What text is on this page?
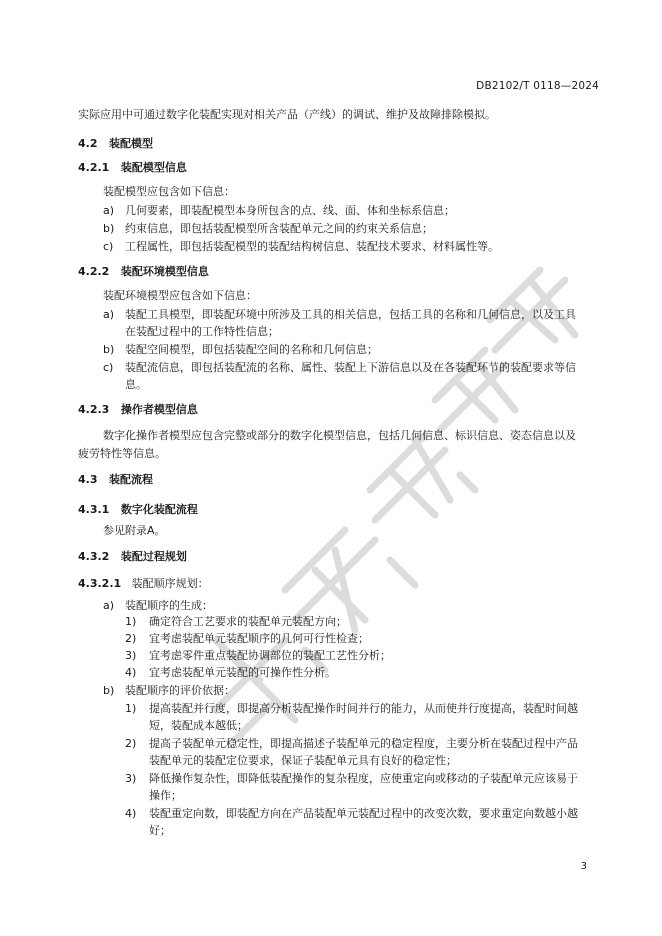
DB2102/T 0118—2024
实际应用中可通过数字化装配实现对相关产品（产线）的调试、维护及故障排除模拟。
4.2 装配模型
4.2.1 装配模型信息
装配模型应包含如下信息：
a) 几何要素，即装配模型本身所包含的点、线、面、体和坐标系信息；
b) 约束信息，即包括装配模型所含装配单元之间的约束关系信息；
c) 工程属性，即包括装配模型的装配结构树信息、装配技术要求、材料属性等。
4.2.2 装配环境模型信息
装配环境模型应包含如下信息：
a) 装配工具模型，即装配环境中所涉及工具的相关信息，包括工具的名称和几何信息，以及工具
在装配过程中的工作特性信息；
b) 装配空间模型，即包括装配空间的名称和几何信息；
c) 装配流信息，即包括装配流的名称、属性、装配上下游信息以及在各装配环节的装配要求等信
息。
4.2.3 操作者模型信息
数字化操作者模型应包含完整或部分的数字化模型信息，包括几何信息、标识信息、姿态信息以及
疲劳特性等信息。
4.3 装配流程
4.3.1 数字化装配流程
参见附录A。
4.3.2 装配过程规划
4.3.2.1 装配顺序规划：
a) 装配顺序的生成：
1) 确定符合工艺要求的装配单元装配方向；
2) 宜考虑装配单元装配顺序的几何可行性检查；
3) 宜考虑零件重点装配协调部位的装配工艺性分析；
4) 宜考虑装配单元装配的可操作性分析。
b) 装配顺序的评价依据：
1) 提高装配并行度，即提高分析装配操作时间并行的能力，从而使并行度提高，装配时间越
短，装配成本越低；
2) 提高子装配单元稳定性，即提高描述子装配单元的稳定程度，主要分析在装配过程中产品
装配单元的装配定位要求，保证子装配单元具有良好的稳定性；
3) 降低操作复杂性，即降低装配操作的复杂程度，应使重定向或移动的子装配单元应该易于
操作；
4) 装配重定向数，即装配方向在产品装配单元装配过程中的改变次数，要求重定向数越小越
好；
3
